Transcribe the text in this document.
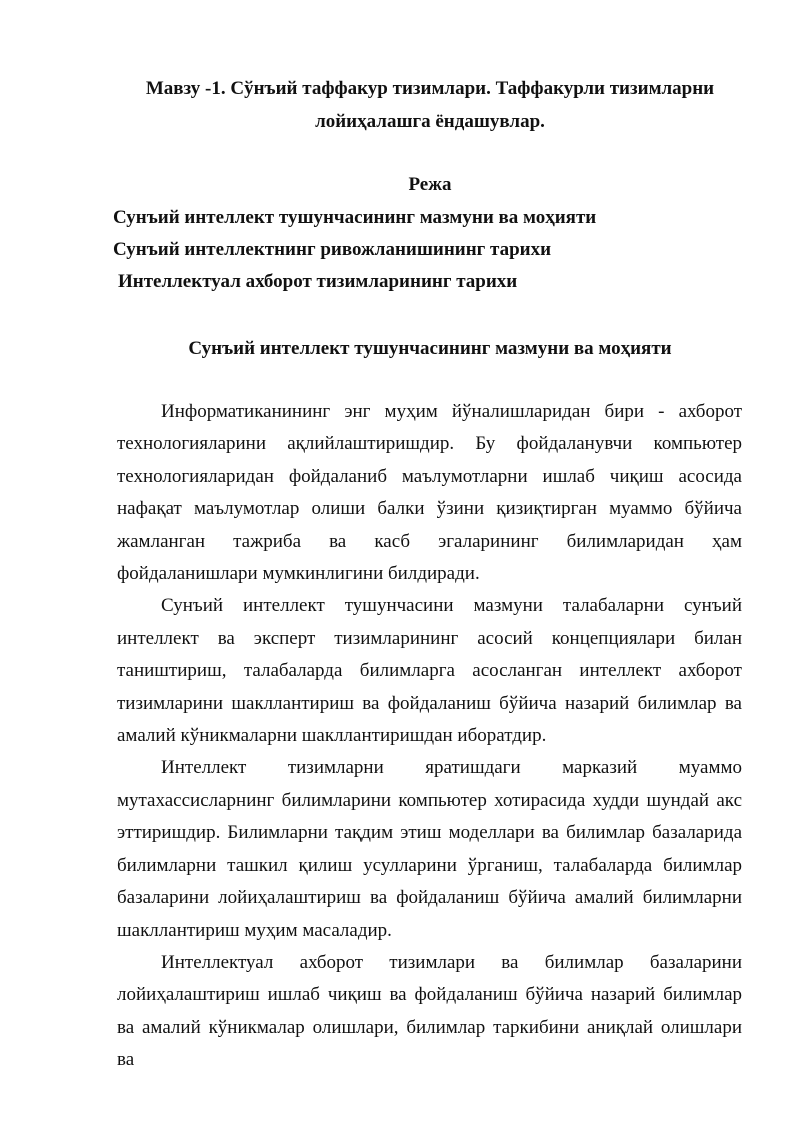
Мавзу -1. Сўнъий таффакур тизимлари. Таффакурли тизимларни

лойиҳалашга ёндашувлар.

Режа

Сунъий интеллект тушунчасининг мазмуни ва моҳияти

Сунъий интеллектнинг ривожланишининг тарихи

Интеллектуал ахборот тизимларининг тарихи

Сунъий интеллект тушунчасининг мазмуни ва моҳияти

Информатиканининг энг муҳим йўналишларидан бири - ахборот технологияларини ақлийлаштиришдир. Бу фойдаланувчи компьютер технологияларидан фойдаланиб маълумотларни ишлаб чиқиш асосида нафақат маълумотлар олиши балки ўзини қизиқтирган муаммо бўйича жамланган тажриба ва касб эгаларининг билимларидан ҳам фойдаланишлари мумкинлигини билдиради.

Сунъий интеллект тушунчасини мазмуни талабаларни сунъий интеллект ва эксперт тизимларининг асосий концепциялари билан таништириш, талабаларда билимларга асосланган интеллект ахборот тизимларини шакллантириш ва фойдаланиш бўйича назарий билимлар ва амалий кўникмаларни шакллантиришдан иборатдир.

Интеллект тизимларни яратишдаги марказий муаммо мутахассисларнинг билимларини компьютер хотирасида худди шундай акс эттиришдир. Билимларни тақдим этиш моделлари ва билимлар базаларида билимларни ташкил қилиш усулларини ўрганиш, талабаларда билимлар базаларини лойиҳалаштириш ва фойдаланиш бўйича амалий билимларни шакллантириш муҳим масаладир.

Интеллектуал ахборот тизимлари ва билимлар базаларини лойиҳалаштириш ишлаб чиқиш ва фойдаланиш бўйича назарий билимлар ва амалий кўникмалар олишлари, билимлар таркибини аниқлай олишлари ва
